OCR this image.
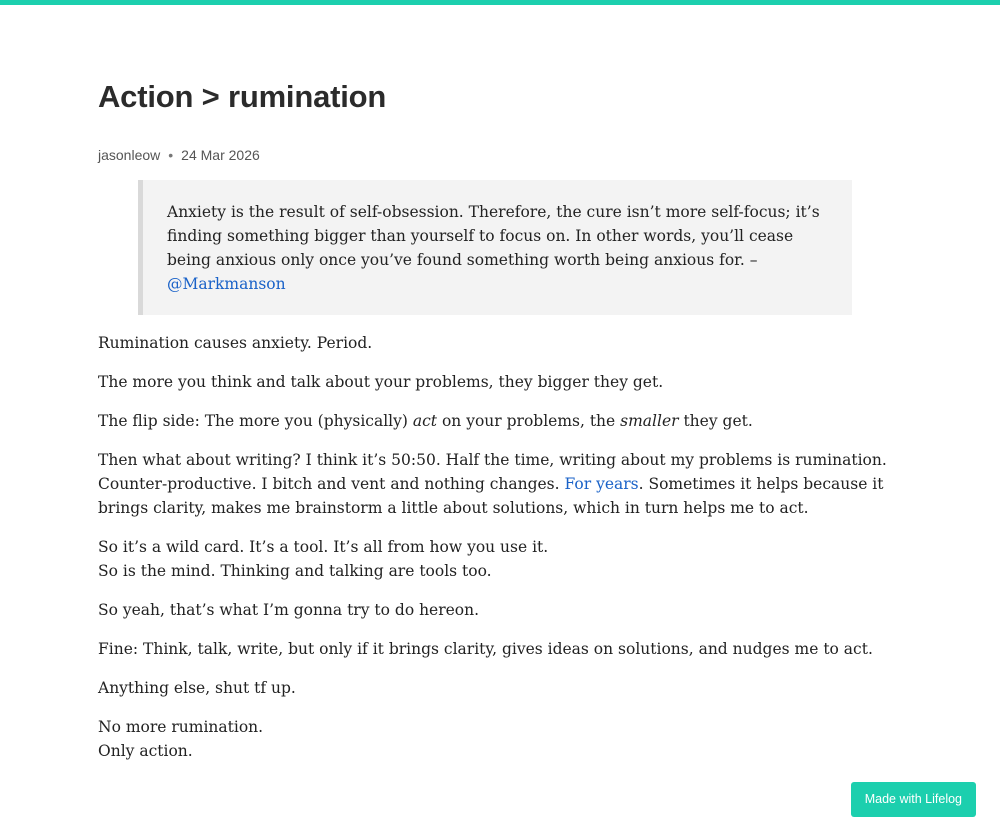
Action > rumination
jasonleow • 24 Mar 2026
Anxiety is the result of self-obsession. Therefore, the cure isn’t more self-focus; it’s finding something bigger than yourself to focus on. In other words, you’ll cease being anxious only once you’ve found something worth being anxious for. – @Markmanson

Rumination causes anxiety. Period.

The more you think and talk about your problems, they bigger they get.

The flip side: The more you (physically) act on your problems, the smaller they get.

Then what about writing? I think it’s 50:50. Half the time, writing about my problems is rumination. Counter-productive. I bitch and vent and nothing changes. For years. Sometimes it helps because it brings clarity, makes me brainstorm a little about solutions, which in turn helps me to act.

So it’s a wild card. It’s a tool. It’s all from how you use it.
So is the mind. Thinking and talking are tools too.

So yeah, that’s what I’m gonna try to do hereon.

Fine: Think, talk, write, but only if it brings clarity, gives ideas on solutions, and nudges me to act.

Anything else, shut tf up.

No more rumination.
Only action.

Made with Lifelog
